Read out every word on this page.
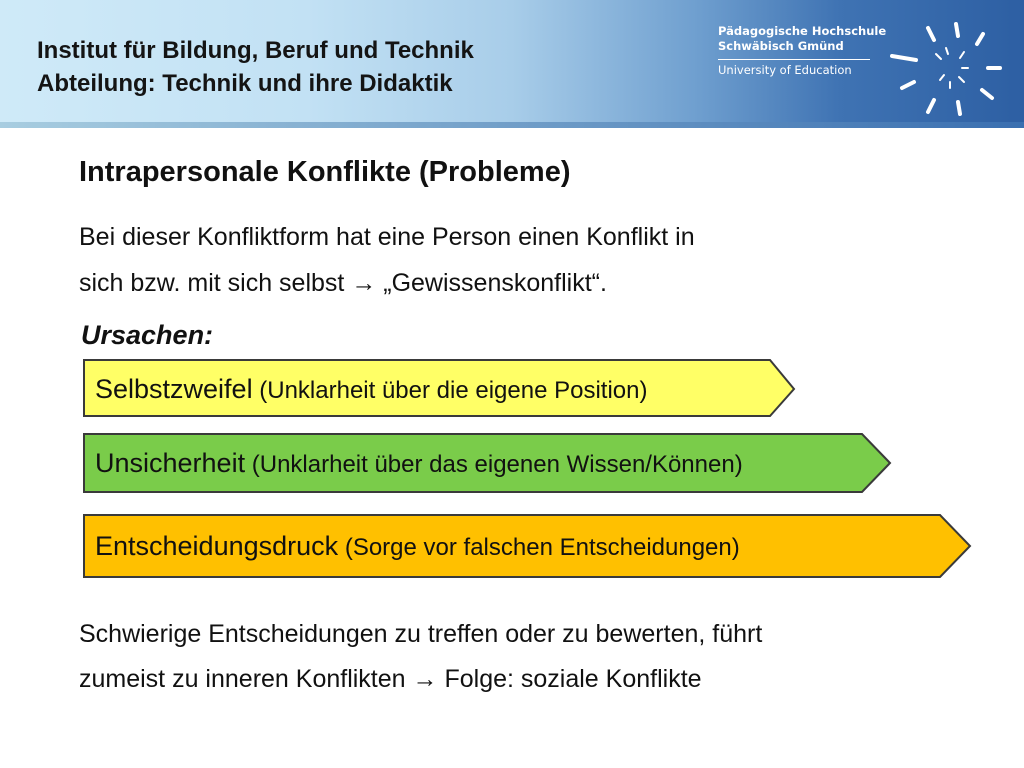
Institut für Bildung, Beruf und Technik
Abteilung: Technik und ihre Didaktik
Pädagogische Hochschule
Schwäbisch Gmünd
University of Education
Intrapersonale Konflikte (Probleme)
Bei dieser Konfliktform hat eine Person einen Konflikt in
sich bzw. mit sich selbst → „Gewissenskonflikt“.
Ursachen:
Selbstzweifel (Unklarheit über die eigene Position)
Unsicherheit (Unklarheit über das eigenen Wissen/Können)
Entscheidungsdruck (Sorge vor falschen Entscheidungen)
Schwierige Entscheidungen zu treffen oder zu bewerten, führt
zumeist zu inneren Konflikten → Folge: soziale Konflikte
